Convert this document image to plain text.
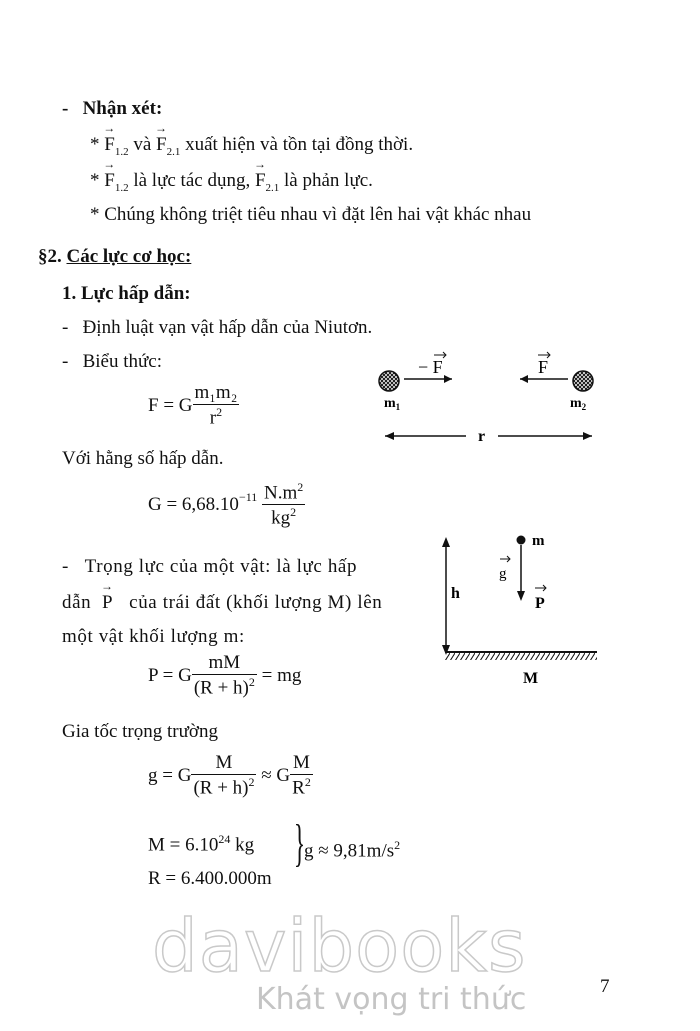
- Nhận xét:
* → $F_{1.2}$ và → $F_{2.1}$ xuất hiện và tồn tại đồng thời.
* → $F_{1.2}$ là lực tác dụng, → $F_{2.1}$ là phản lực.
* Chúng không triệt tiêu nhau vì đặt lên hai vật khác nhau
§2. Các lực cơ học:
1. Lực hấp dẫn:
- Định luật vạn vật hấp dẫn của Niutơn.
- Biểu thức:
F = G $\frac{\text{m₁m₂}}{r^2}$
Với hằng số hấp dẫn.
$G = 6,68.10^{-11}$
$\frac{N.m^2}{kg^2}$
- Trọng lực của một vật: là lực hấp
dẫn → P của trái đất (khối lượng M) lên
một vật khối lượng m:
P = G $\frac{mM}{(R + h)^2}$
= mg
Gia tốc trọng trường
g = G $\frac{M}{(R + h)^2}$
≈ G $\frac{M}{R^2}$
$M = 6.10^{24}$ kg
R = 6.400.000m
}
$g \approx 9,81m/s^2$
− F	F
$m_1$	$m_2$
r
h
M
m
g
P
7
davibooks
Khát vọng tri thức
